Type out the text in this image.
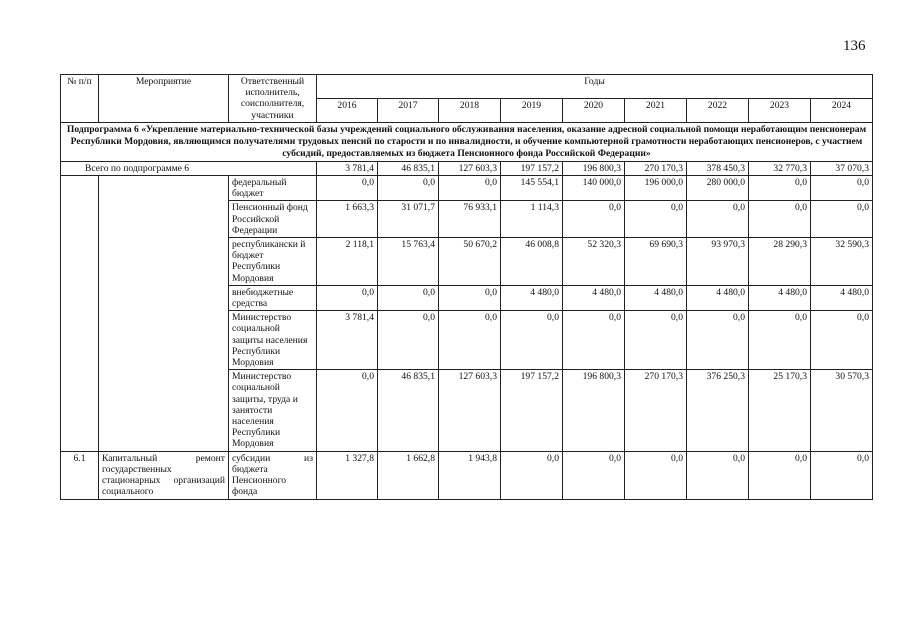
136
№ п/п	Мероприятие	Ответственный исполнитель, соисполнителя, участники	Годы								
			2016	2017	2018	2019	2020	2021	2022	2023	2024
Подпрограмма 6 «Укрепление материально-технической базы учреждений социального обслуживания населения, оказание адресной социальной помощи неработающим пенсионерам Республики Мордовия, являющимся получателями трудовых пенсий по старости и по инвалидности, и обучение компьютерной грамотности неработающих пенсионеров, с участием субсидий, предоставляемых из бюджета Пенсионного фонда Российской Федерации»											
Всего по подпрограмме 6			3 781,4	46 835,1	127 603,3	197 157,2	196 800,3	270 170,3	378 450,3	32 770,3	37 070,3
		федеральный бюджет	0,0	0,0	0,0	145 554,1	140 000,0	196 000,0	280 000,0	0,0	0,0
		Пенсионный фонд Российской Федерации	1 663,3	31 071,7	76 933,1	1 114,3	0,0	0,0	0,0	0,0	0,0
		республикански й бюджет Республики Мордовия	2 118,1	15 763,4	50 670,2	46 008,8	52 320,3	69 690,3	93 970,3	28 290,3	32 590,3
		внебюджетные средства	0,0	0,0	0,0	4 480,0	4 480,0	4 480,0	4 480,0	4 480,0	4 480,0
		Министерство социальной защиты населения Республики Мордовия	3 781,4	0,0	0,0	0,0	0,0	0,0	0,0	0,0	0,0
		Министерство социальной защиты, труда и занятости населения Республики Мордовия	0,0	46 835,1	127 603,3	197 157,2	196 800,3	270 170,3	376 250,3	25 170,3	30 570,3
6.1	Капитальный ремонт государственных стационарных организаций социального	субсидии из бюджета Пенсионного фонда	1 327,8	1 662,8	1 943,8	0,0	0,0	0,0	0,0	0,0	0,0
